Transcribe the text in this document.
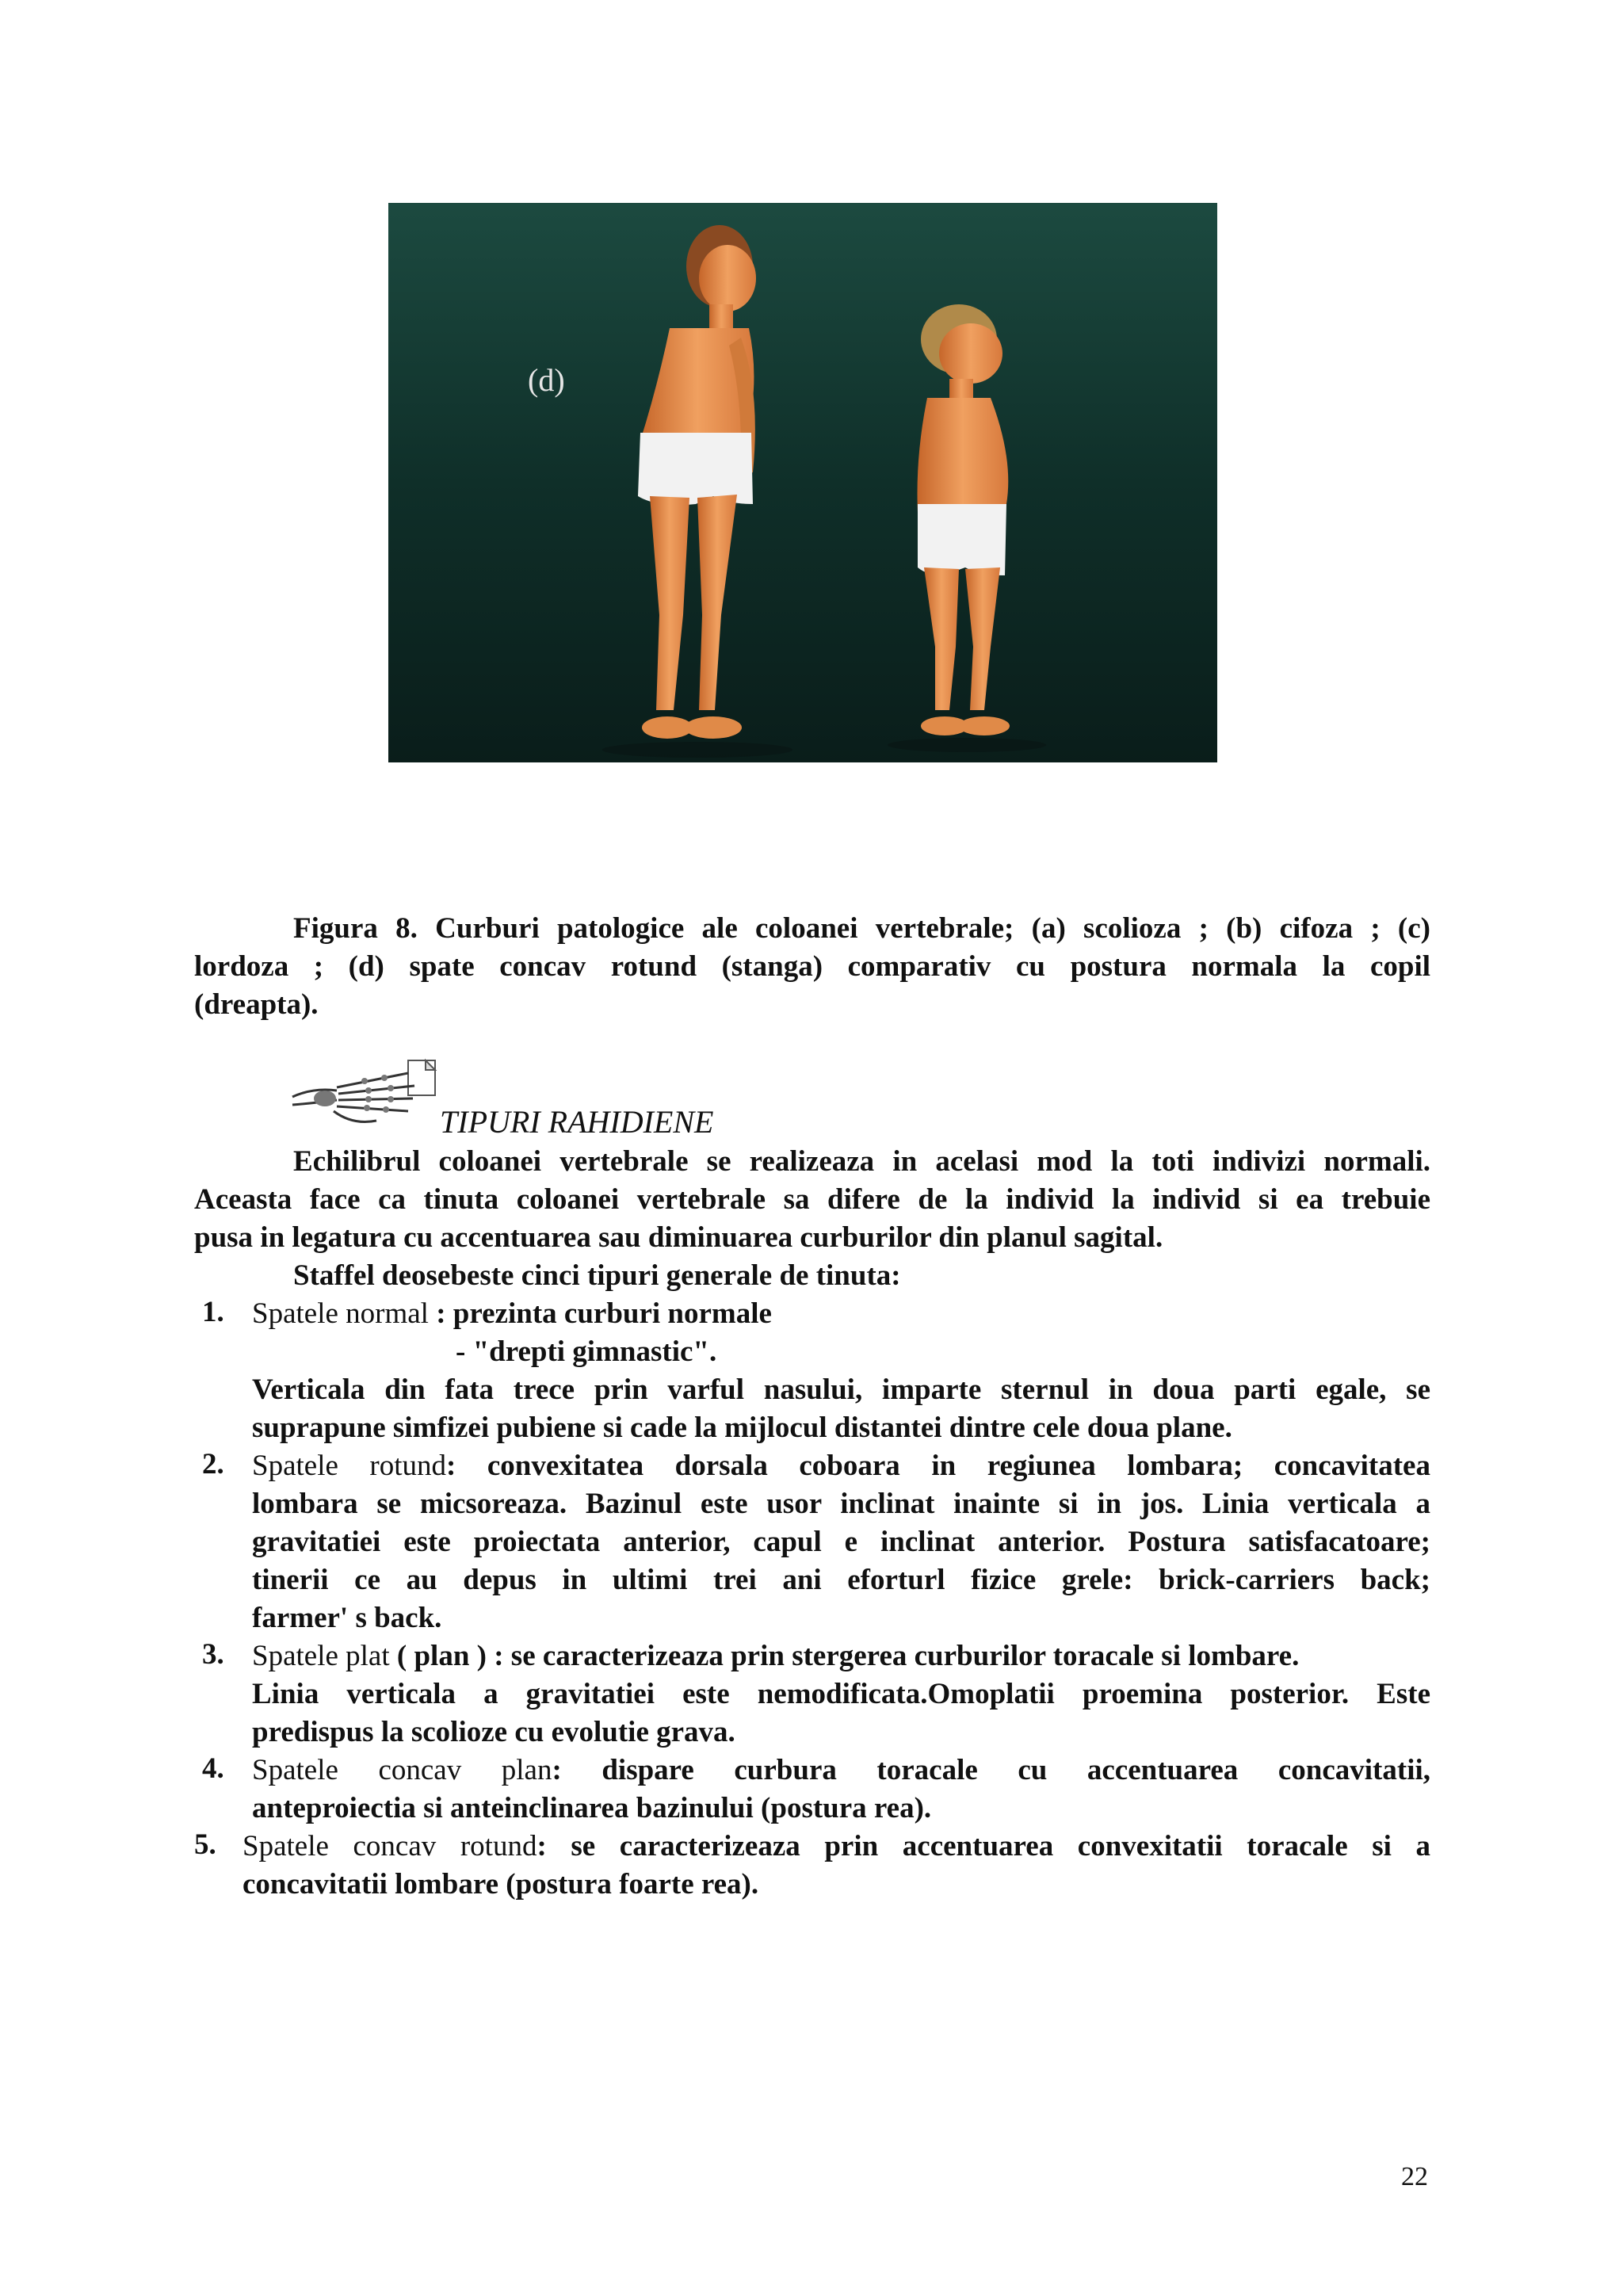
(d)
Figura 8. Curburi patologice ale coloanei vertebrale; (a) scolioza ; (b) cifoza ; (c)
lordoza ; (d) spate concav rotund (stanga) comparativ cu postura normala la copil
(dreapta).
TIPURI RAHIDIENE
Echilibrul coloanei vertebrale se realizeaza in acelasi mod la toti indivizi normali.
Aceasta face ca tinuta coloanei vertebrale sa difere de la individ la individ si ea trebuie
pusa in legatura cu accentuarea sau diminuarea curburilor din planul sagital.
Staffel deosebeste cinci tipuri generale de tinuta:
1. Spatele normal : prezinta curburi normale
- "drepti gimnastic".
Verticala din fata trece prin varful nasului, imparte sternul in doua parti egale, se
suprapune simfizei pubiene si cade la mijlocul distantei dintre cele doua plane.
2. Spatele rotund: convexitatea dorsala coboara in regiunea lombara; concavitatea
lombara se micsoreaza. Bazinul este usor inclinat inainte si in jos. Linia verticala a
gravitatiei este proiectata anterior, capul e inclinat anterior. Postura satisfacatoare;
tinerii ce au depus in ultimi trei ani eforturl fizice grele: brick-carriers back;
farmer' s back.
3. Spatele plat ( plan ) : se caracterizeaza prin stergerea curburilor toracale si lombare.
Linia verticala a gravitatiei este nemodificata.Omoplatii proemina posterior. Este
predispus la scolioze cu evolutie grava.
4. Spatele concav plan: dispare curbura toracale cu accentuarea concavitatii,
anteproiectia si anteinclinarea bazinului (postura rea).
5. Spatele concav rotund: se caracterizeaza prin accentuarea convexitatii toracale si a
concavitatii lombare (postura foarte rea).
22
